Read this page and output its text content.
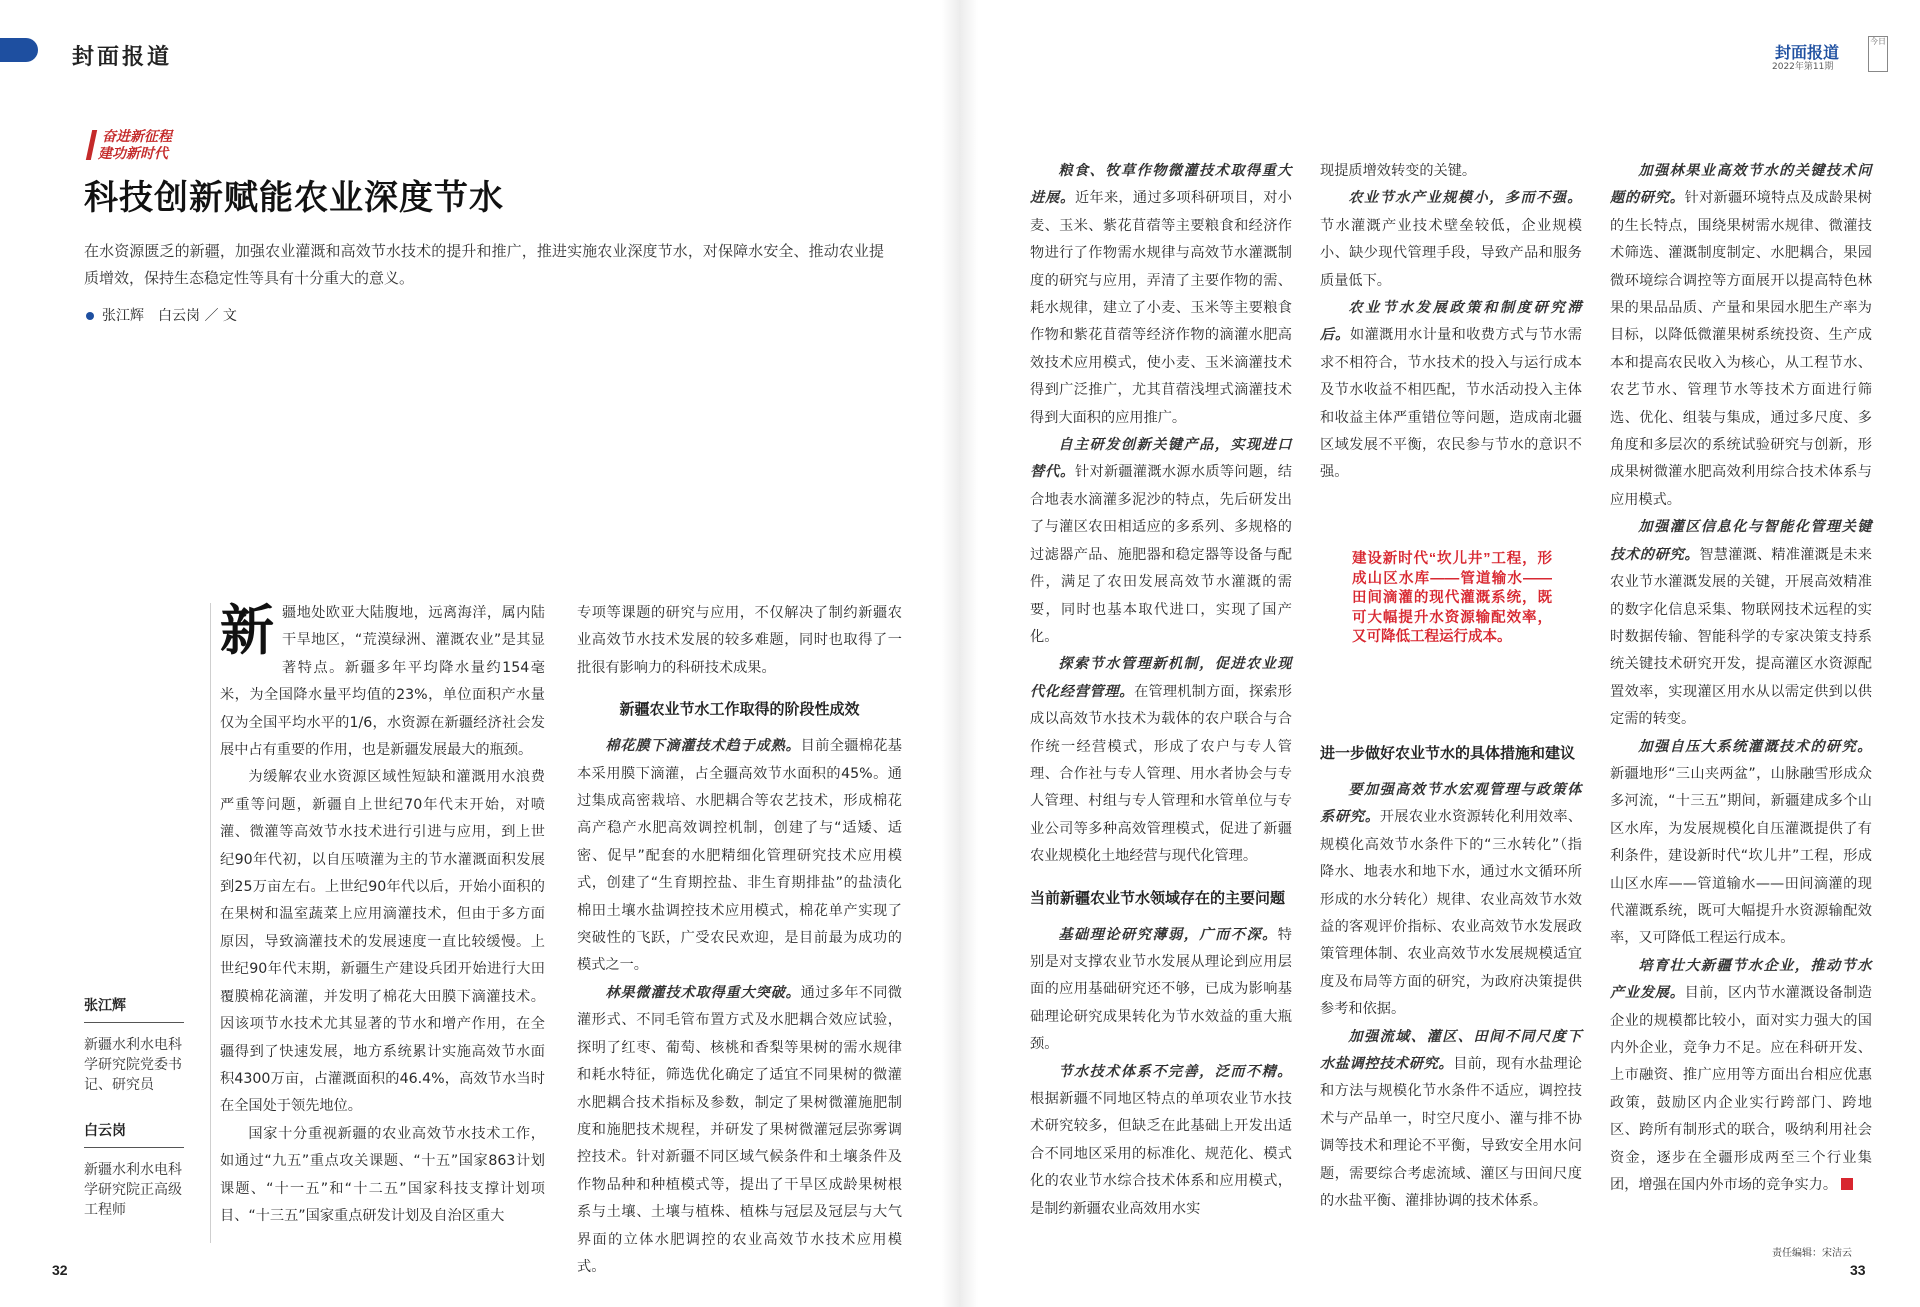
封面报道	封面报道
2022年第11期
今日
奋进新征程
建功新时代
科技创新赋能农业深度节水
在水资源匮乏的新疆，加强农业灌溉和高效节水技术的提升和推广，推进实施农业深度节水，对保障水安全、推动农业提质增效，保持生态稳定性等具有十分重大的意义。
张江辉　白云岗 ／ 文
张江辉
新疆水利水电科学研究院党委书记、研究员
白云岗
新疆水利水电科学研究院正高级工程师

新 疆地处欧亚大陆腹地，远离海洋，属内陆干旱地区，“荒漠绿洲、灌溉农业”是其显著特点。新疆多年平均降水量约154毫米，为全国降水量平均值的23%，单位面积产水量仅为全国平均水平的1/6，水资源在新疆经济社会发展中占有重要的作用，也是新疆发展最大的瓶颈。

为缓解农业水资源区域性短缺和灌溉用水浪费严重等问题，新疆自上世纪70年代末开始，对喷灌、微灌等高效节水技术进行引进与应用，到上世纪90年代初，以自压喷灌为主的节水灌溉面积发展到25万亩左右。上世纪90年代以后，开始小面积的在果树和温室蔬菜上应用滴灌技术，但由于多方面原因，导致滴灌技术的发展速度一直比较缓慢。上世纪90年代末期，新疆生产建设兵团开始进行大田覆膜棉花滴灌，并发明了棉花大田膜下滴灌技术。因该项节水技术尤其显著的节水和增产作用，在全疆得到了快速发展，地方系统累计实施高效节水面积4300万亩，占灌溉面积的46.4%，高效节水当时在全国处于领先地位。

国家十分重视新疆的农业高效节水技术工作，如通过“九五”重点攻关课题、“十五”国家863计划课题、“十一五”和“十二五”国家科技支撑计划项目、“十三五”国家重点研发计划及自治区重大

专项等课题的研究与应用，不仅解决了制约新疆农业高效节水技术发展的较多难题，同时也取得了一批很有影响力的科研技术成果。

新疆农业节水工作取得的阶段性成效

棉花膜下滴灌技术趋于成熟。目前全疆棉花基本采用膜下滴灌，占全疆高效节水面积的45%。通过集成高密栽培、水肥耦合等农艺技术，形成棉花高产稳产水肥高效调控机制，创建了与“适矮、适密、促早”配套的水肥精细化管理研究技术应用模式，创建了“生育期控盐、非生育期排盐”的盐渍化棉田土壤水盐调控技术应用模式，棉花单产实现了突破性的飞跃，广受农民欢迎，是目前最为成功的模式之一。

林果微灌技术取得重大突破。通过多年不同微灌形式、不同毛管布置方式及水肥耦合效应试验，探明了红枣、葡萄、核桃和香梨等果树的需水规律和耗水特征，筛选优化确定了适宜不同果树的微灌水肥耦合技术指标及参数，制定了果树微灌施肥制度和施肥技术规程，并研发了果树微灌冠层弥雾调控技术。针对新疆不同区域气候条件和土壤条件及作物品种和种植模式等，提出了干旱区成龄果树根系与土壤、土壤与植株、植株与冠层及冠层与大气界面的立体水肥调控的农业高效节水技术应用模式。

粮食、牧草作物微灌技术取得重大进展。近年来，通过多项科研项目，对小麦、玉米、紫花苜蓿等主要粮食和经济作物进行了作物需水规律与高效节水灌溉制度的研究与应用，弄清了主要作物的需、耗水规律，建立了小麦、玉米等主要粮食作物和紫花苜蓿等经济作物的滴灌水肥高效技术应用模式，使小麦、玉米滴灌技术得到广泛推广，尤其苜蓿浅埋式滴灌技术得到大面积的应用推广。

自主研发创新关键产品，实现进口替代。针对新疆灌溉水源水质等问题，结合地表水滴灌多泥沙的特点，先后研发出了与灌区农田相适应的多系列、多规格的过滤器产品、施肥器和稳定器等设备与配件，满足了农田发展高效节水灌溉的需要，同时也基本取代进口，实现了国产化。

探索节水管理新机制，促进农业现代化经营管理。在管理机制方面，探索形成以高效节水技术为载体的农户联合与合作统一经营模式，形成了农户与专人管理、合作社与专人管理、用水者协会与专人管理、村组与专人管理和水管单位与专业公司等多种高效管理模式，促进了新疆农业规模化土地经营与现代化管理。

当前新疆农业节水领域存在的主要问题

基础理论研究薄弱，广而不深。特别是对支撑农业节水发展从理论到应用层面的应用基础研究还不够，已成为影响基础理论研究成果转化为节水效益的重大瓶颈。

节水技术体系不完善，泛而不精。根据新疆不同地区特点的单项农业节水技术研究较多，但缺乏在此基础上开发出适合不同地区采用的标准化、规范化、模式化的农业节水综合技术体系和应用模式，是制约新疆农业高效用水实

现提质增效转变的关键。

农业节水产业规模小，多而不强。节水灌溉产业技术壁垒较低，企业规模小、缺少现代管理手段，导致产品和服务质量低下。

农业节水发展政策和制度研究滞后。如灌溉用水计量和收费方式与节水需求不相符合，节水技术的投入与运行成本及节水收益不相匹配，节水活动投入主体和收益主体严重错位等问题，造成南北疆区域发展不平衡，农民参与节水的意识不强。

建设新时代“坎儿井”工程，形成山区水库——管道输水——田间滴灌的现代灌溉系统，既可大幅提升水资源输配效率，又可降低工程运行成本。
进一步做好农业节水的具体措施和建议

要加强高效节水宏观管理与政策体系研究。开展农业水资源转化利用效率、规模化高效节水条件下的“三水转化”（指降水、地表水和地下水，通过水文循环所形成的水分转化）规律、农业高效节水效益的客观评价指标、农业高效节水发展政策管理体制、农业高效节水发展规模适宜度及布局等方面的研究，为政府决策提供参考和依据。

加强流域、灌区、田间不同尺度下水盐调控技术研究。目前，现有水盐理论和方法与规模化节水条件不适应，调控技术与产品单一，时空尺度小、灌与排不协调等技术和理论不平衡，导致安全用水问题，需要综合考虑流域、灌区与田间尺度的水盐平衡、灌排协调的技术体系。

加强林果业高效节水的关键技术问题的研究。针对新疆环境特点及成龄果树的生长特点，围绕果树需水规律、微灌技术筛选、灌溉制度制定、水肥耦合，果园微环境综合调控等方面展开以提高特色林果的果品品质、产量和果园水肥生产率为目标，以降低微灌果树系统投资、生产成本和提高农民收入为核心，从工程节水、农艺节水、管理节水等技术方面进行筛选、优化、组装与集成，通过多尺度、多角度和多层次的系统试验研究与创新，形成果树微灌水肥高效利用综合技术体系与应用模式。

加强灌区信息化与智能化管理关键技术的研究。智慧灌溉、精准灌溉是未来农业节水灌溉发展的关键，开展高效精准的数字化信息采集、物联网技术远程的实时数据传输、智能科学的专家决策支持系统关键技术研究开发，提高灌区水资源配置效率，实现灌区用水从以需定供到以供定需的转变。

加强自压大系统灌溉技术的研究。新疆地形“三山夹两盆”，山脉融雪形成众多河流，“十三五”期间，新疆建成多个山区水库，为发展规模化自压灌溉提供了有利条件，建设新时代“坎儿井”工程，形成山区水库——管道输水——田间滴灌的现代灌溉系统，既可大幅提升水资源输配效率，又可降低工程运行成本。

培育壮大新疆节水企业，推动节水产业发展。目前，区内节水灌溉设备制造企业的规模都比较小，面对实力强大的国内外企业，竞争力不足。应在科研开发、上市融资、推广应用等方面出台相应优惠政策，鼓励区内企业实行跨部门、跨地区、跨所有制形式的联合，吸纳利用社会资金，逐步在全疆形成两至三个行业集团，增强在国内外市场的竞争实力。

32
责任编辑：宋洁云
33
